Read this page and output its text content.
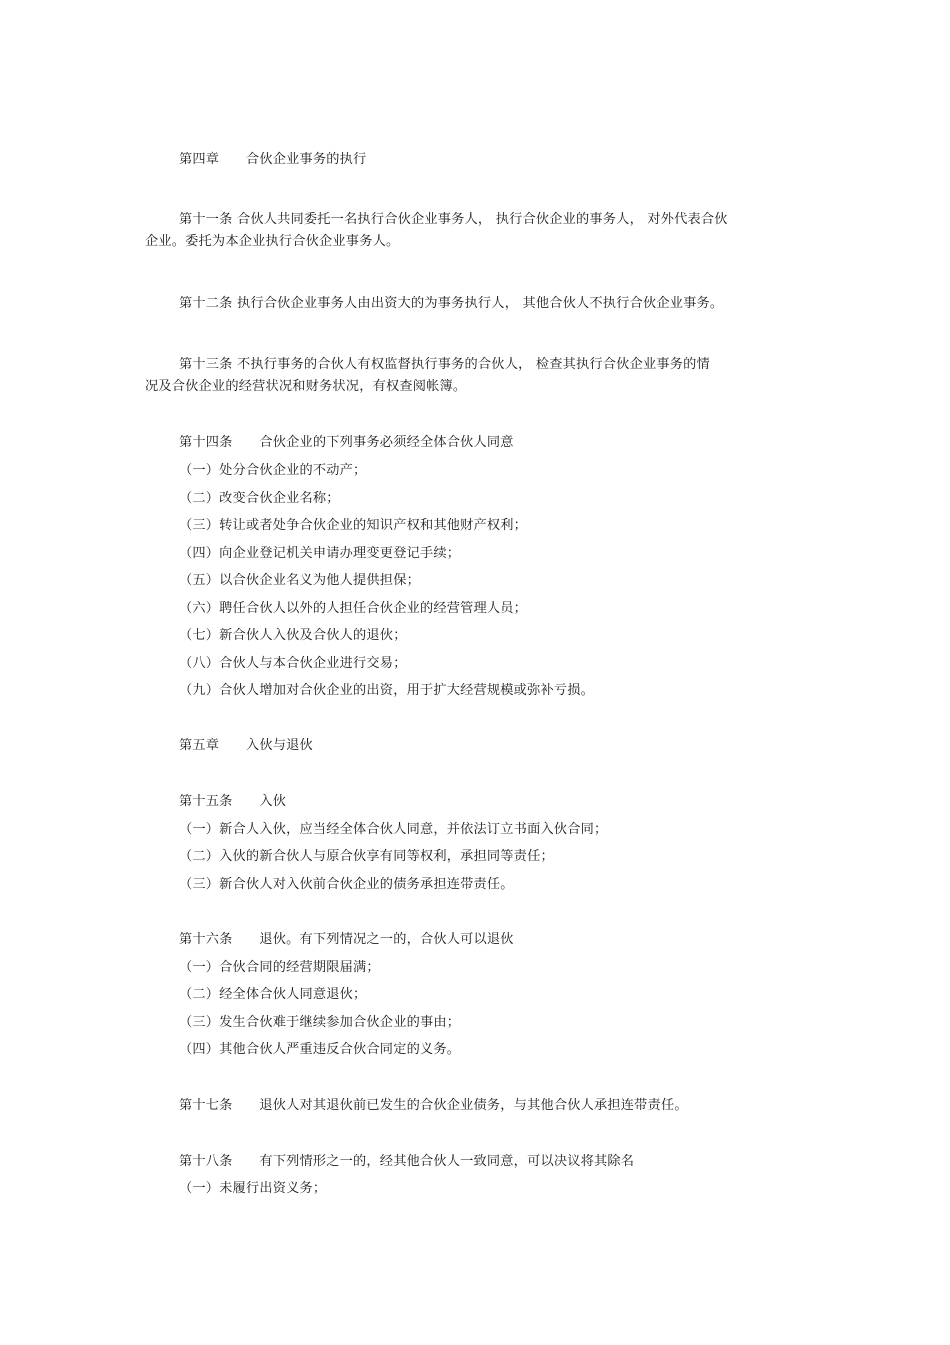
第四章　　合伙企业事务的执行
第十一条 合伙人共同委托一名执行合伙企业事务人， 执行合伙企业的事务人， 对外代表合伙
企业。委托为本企业执行合伙企业事务人。
第十二条 执行合伙企业事务人由出资大的为事务执行人， 其他合伙人不执行合伙企业事务。
第十三条 不执行事务的合伙人有权监督执行事务的合伙人， 检查其执行合伙企业事务的情
况及合伙企业的经营状况和财务状况，有权查阅帐簿。
第十四条　　合伙企业的下列事务必须经全体合伙人同意
（一）处分合伙企业的不动产；
（二）改变合伙企业名称；
（三）转让或者处争合伙企业的知识产权和其他财产权利；
（四）向企业登记机关申请办理变更登记手续；
（五）以合伙企业名义为他人提供担保；
（六）聘任合伙人以外的人担任合伙企业的经营管理人员；
（七）新合伙人入伙及合伙人的退伙；
（八）合伙人与本合伙企业进行交易；
（九）合伙人增加对合伙企业的出资，用于扩大经营规模或弥补亏损。
第五章　　入伙与退伙
第十五条　　入伙
（一）新合人入伙，应当经全体合伙人同意，并依法订立书面入伙合同；
（二）入伙的新合伙人与原合伙享有同等权利，承担同等责任；
（三）新合伙人对入伙前合伙企业的债务承担连带责任。
第十六条　　退伙。有下列情况之一的，合伙人可以退伙
（一）合伙合同的经营期限届满；
（二）经全体合伙人同意退伙；
（三）发生合伙难于继续参加合伙企业的事由；
（四）其他合伙人严重违反合伙合同定的义务。
第十七条　　退伙人对其退伙前已发生的合伙企业债务，与其他合伙人承担连带责任。
第十八条　　有下列情形之一的，经其他合伙人一致同意，可以决议将其除名
（一）未履行出资义务；
